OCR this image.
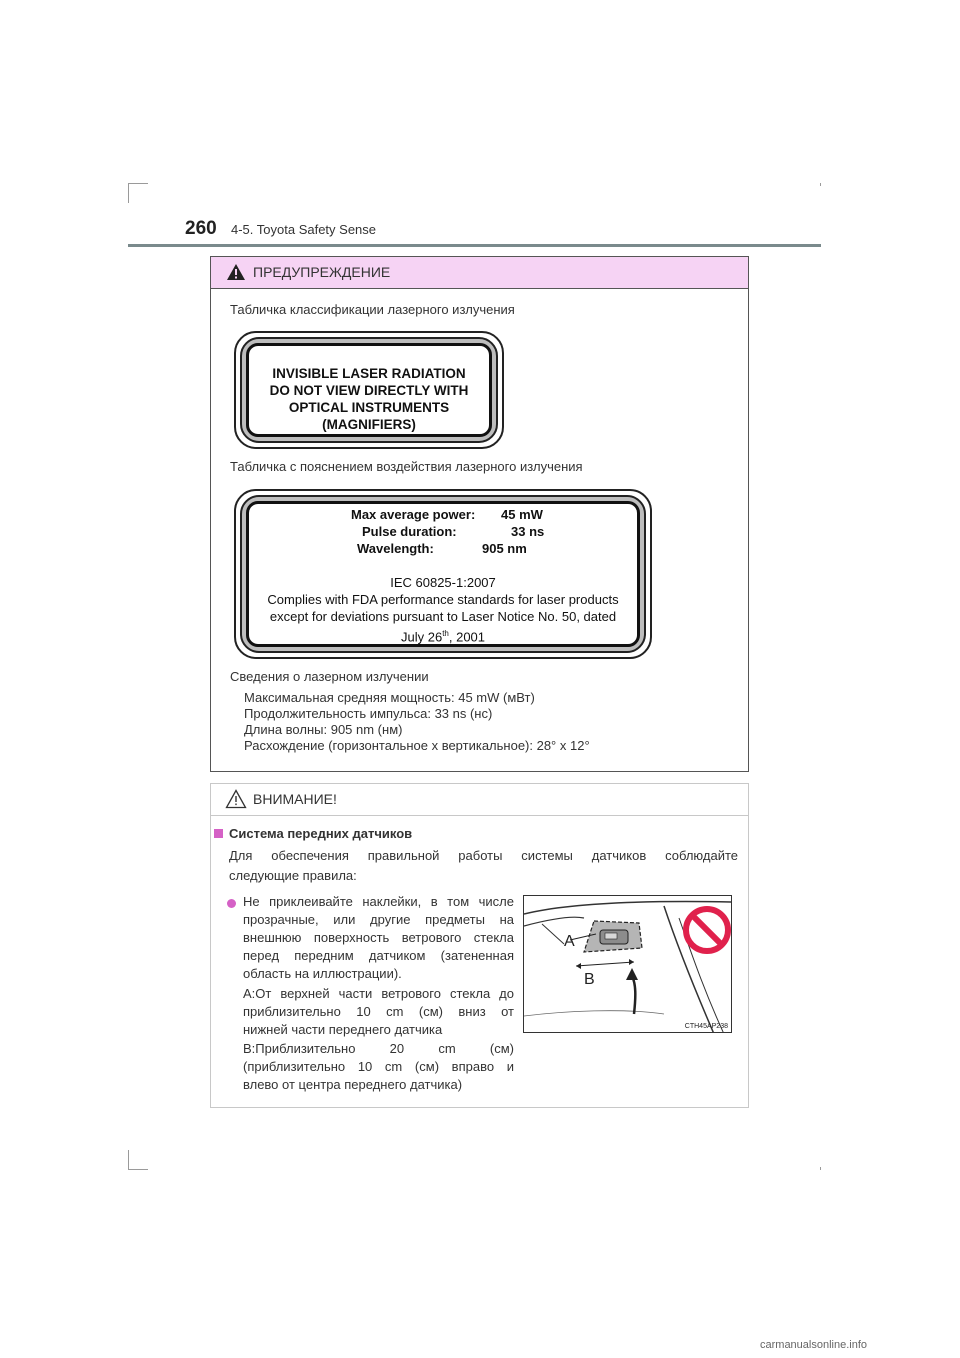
260 4-5. Toyota Safety Sense
ПРЕДУПРЕЖДЕНИЕ
Табличка классификации лазерного излучения
INVISIBLE LASER RADIATION
DO NOT VIEW DIRECTLY WITH
OPTICAL INSTRUMENTS
(MAGNIFIERS)
Табличка с пояснением воздействия лазерного излучения
Max average power: 45 mW
Pulse duration:	33 ns
Wavelength:	905 nm
IEC 60825-1:2007
Complies with FDA performance standards for laser products
except for deviations pursuant to Laser Notice No. 50, dated
July 26th, 2001
Сведения о лазерном излучении
Максимальная средняя мощность: 45 mW (мВт)
Продолжительность импульса: 33 ns (нс)
Длина волны: 905 nm (нм)
Расхождение (горизонтальное х вертикальное): 28° х 12°
ВНИМАНИЕ!
Система передних датчиков
Для обеспечения правильной работы системы датчиков соблюдайте
следующие правила:
Не приклеивайте наклейки, в том числе
прозрачные, или другие предметы на
внешнюю поверхность ветрового стекла
перед передним датчиком (затененная
область на иллюстрации).
А:От верхней части ветрового стекла до
приблизительно 10 cm (см) вниз от
нижней части переднего датчика
B:Приблизительно 20 cm (см)
(приблизительно 10 cm (см) вправо и
влево от центра переднего датчика)
A
B
CTH45AP238
carmanualsonline.info
